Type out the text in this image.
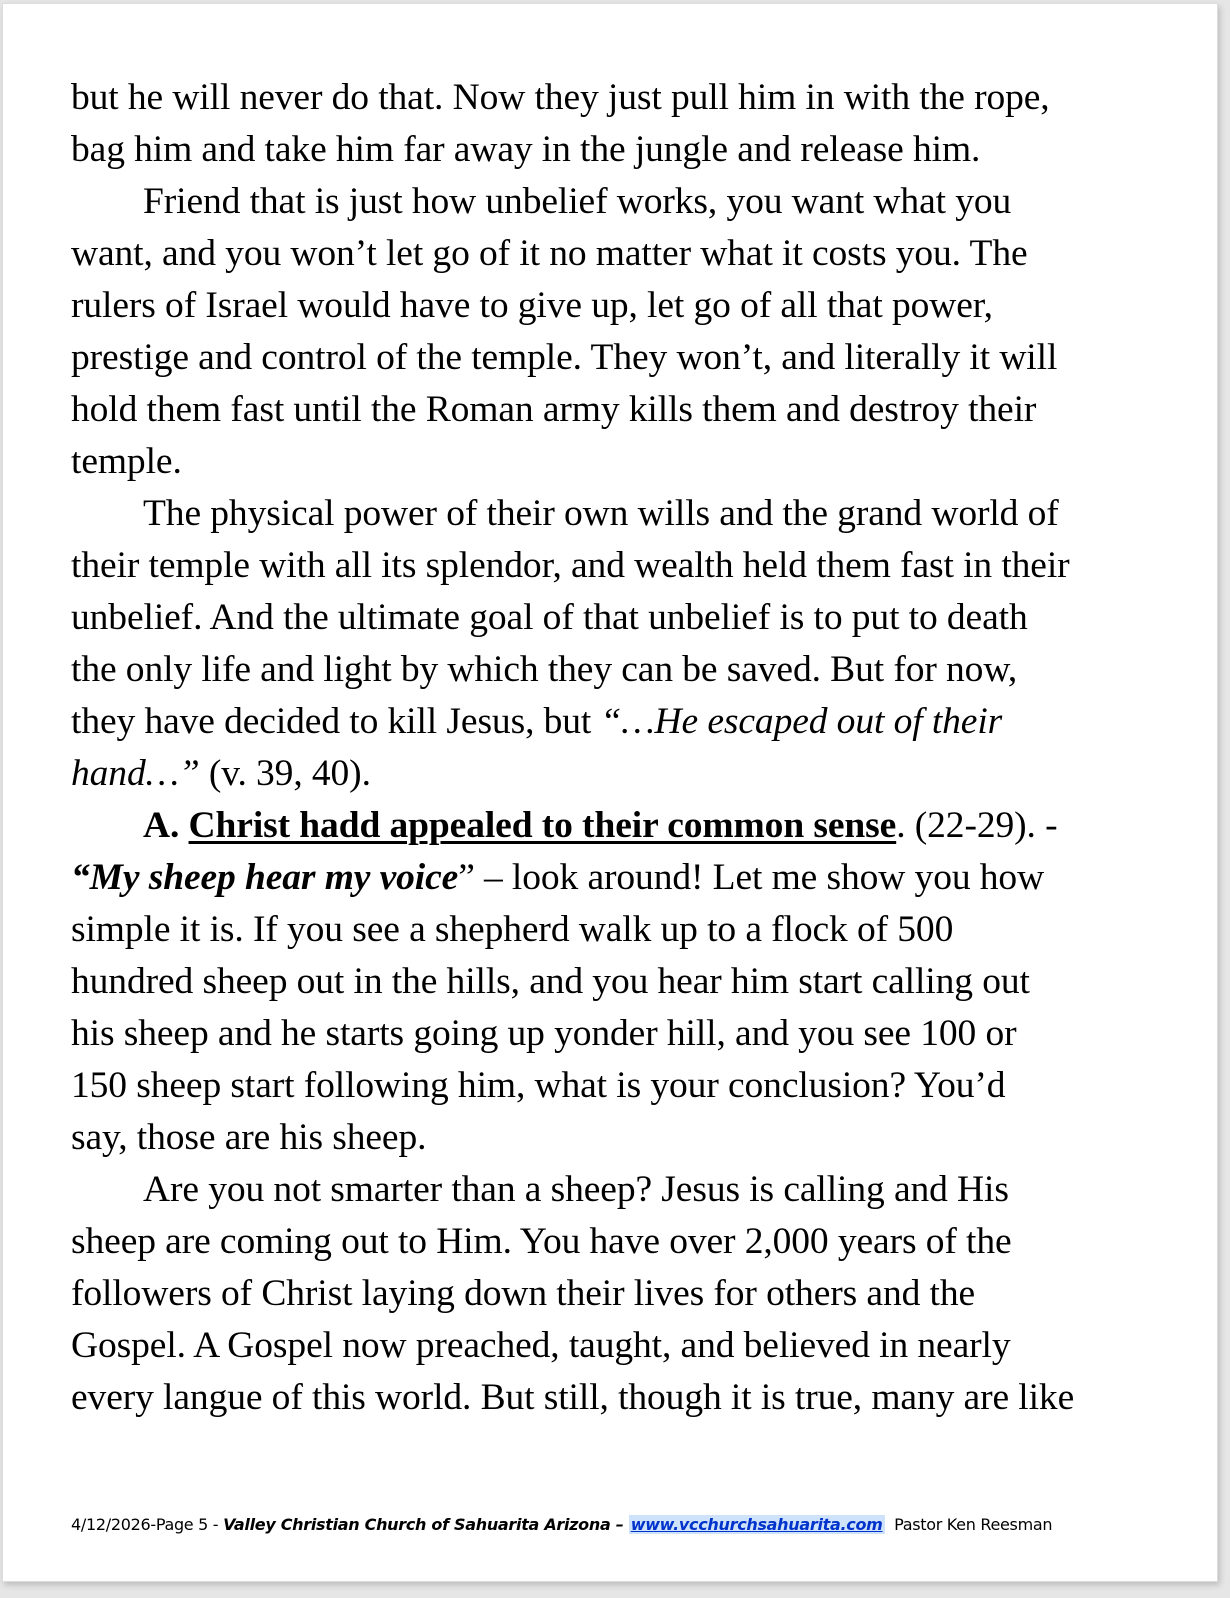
but he will never do that. Now they just pull him in with the rope,
bag him and take him far away in the jungle and release him.
Friend that is just how unbelief works, you want what you
want, and you won’t let go of it no matter what it costs you. The
rulers of Israel would have to give up, let go of all that power,
prestige and control of the temple. They won’t, and literally it will
hold them fast until the Roman army kills them and destroy their
temple.
The physical power of their own wills and the grand world of
their temple with all its splendor, and wealth held them fast in their
unbelief. And the ultimate goal of that unbelief is to put to death
the only life and light by which they can be saved. But for now,
they have decided to kill Jesus, but “…He escaped out of their
hand…” (v. 39, 40).
A. Christ hadd appealed to their common sense. (22-29). -
“My sheep hear my voice” – look around! Let me show you how
simple it is. If you see a shepherd walk up to a flock of 500
hundred sheep out in the hills, and you hear him start calling out
his sheep and he starts going up yonder hill, and you see 100 or
150 sheep start following him, what is your conclusion? You’d
say, those are his sheep.
Are you not smarter than a sheep? Jesus is calling and His
sheep are coming out to Him. You have over 2,000 years of the
followers of Christ laying down their lives for others and the
Gospel. A Gospel now preached, taught, and believed in nearly
every langue of this world. But still, though it is true, many are like
4/12/2026-Page 5 - Valley Christian Church of Sahuarita Arizona – www.vcchurchsahuarita.com  Pastor Ken Reesman
